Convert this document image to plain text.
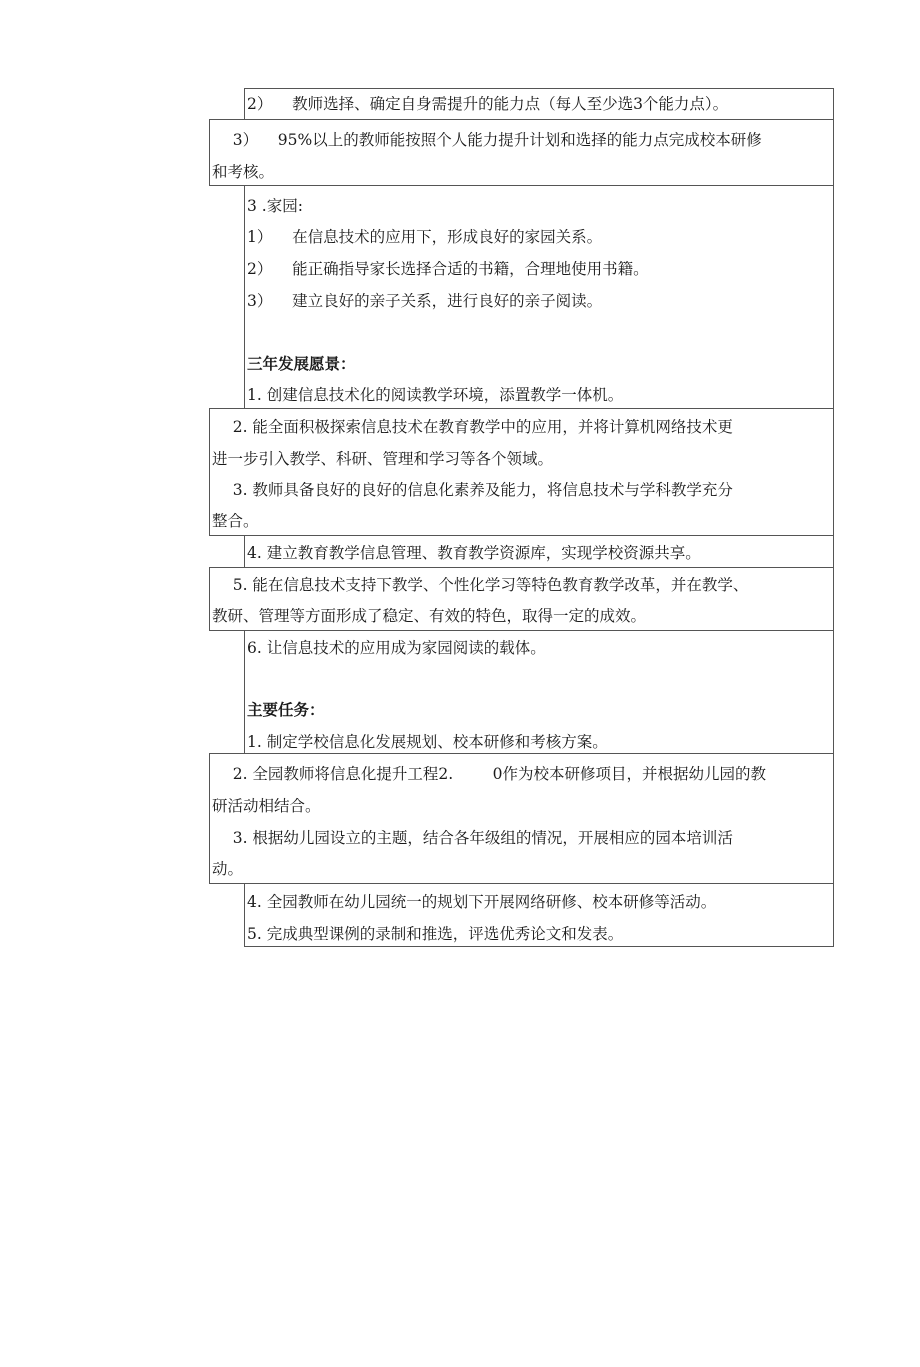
2）    教师选择、确定自身需提升的能力点（每人至少选3个能力点）。
3）    95%以上的教师能按照个人能力提升计划和选择的能力点完成校本研修
和考核。
3 .家园:
1）    在信息技术的应用下，形成良好的家园关系。
2）    能正确指导家长选择合适的书籍，合理地使用书籍。
3）    建立良好的亲子关系，进行良好的亲子阅读。
三年发展愿景：
1. 创建信息技术化的阅读教学环境，添置教学一体机。
2. 能全面积极探索信息技术在教育教学中的应用，并将计算机网络技术更
进一步引入教学、科研、管理和学习等各个领域。
3. 教师具备良好的良好的信息化素养及能力，将信息技术与学科教学充分
整合。
4. 建立教育教学信息管理、教育教学资源库，实现学校资源共享。
5. 能在信息技术支持下教学、个性化学习等特色教育教学改革，并在教学、
教研、管理等方面形成了稳定、有效的特色，取得一定的成效。
6. 让信息技术的应用成为家园阅读的载体。
主要任务：
1. 制定学校信息化发展规划、校本研修和考核方案。
2. 全园教师将信息化提升工程2.        0作为校本研修项目，并根据幼儿园的教
研活动相结合。
3. 根据幼儿园设立的主题，结合各年级组的情况，开展相应的园本培训活
动。
4. 全园教师在幼儿园统一的规划下开展网络研修、校本研修等活动。
5. 完成典型课例的录制和推选，评选优秀论文和发表。
